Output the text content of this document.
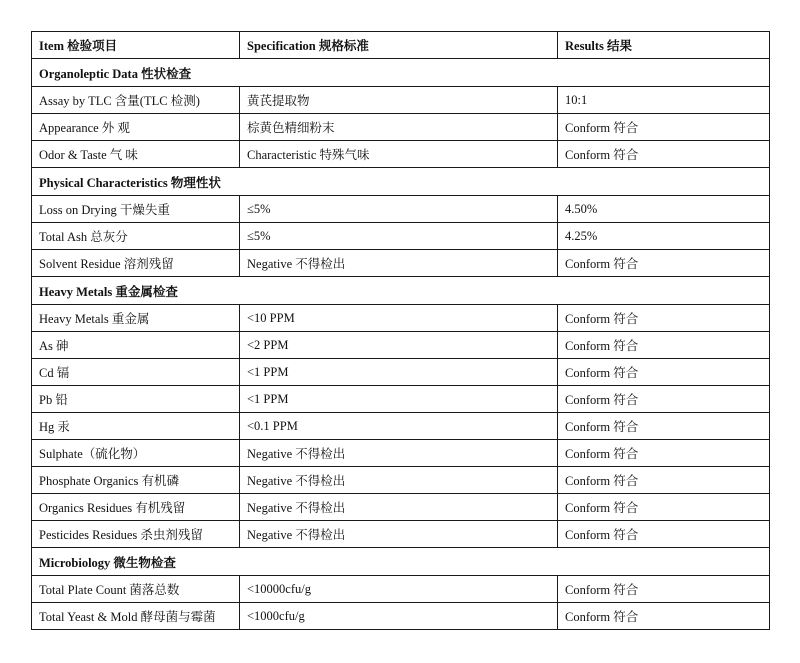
Item 检验项目	Specification 规格标准	Results 结果
Organoleptic Data 性状检查		
Assay by TLC 含量(TLC 检测)	黄芪提取物	10:1
Appearance 外 观	棕黄色精细粉末	Conform 符合
Odor & Taste 气 味	Characteristic 特殊气味	Conform 符合
Physical Characteristics 物理性状		
Loss on Drying 干燥失重	≤5%	4.50%
Total Ash 总灰分	≤5%	4.25%
Solvent Residue 溶剂残留	Negative 不得检出	Conform 符合
Heavy Metals 重金属检查		
Heavy Metals 重金属	<10 PPM	Conform 符合
As 砷	<2 PPM	Conform 符合
Cd 镉	<1 PPM	Conform 符合
Pb 铅	<1 PPM	Conform 符合
Hg 汞	<0.1 PPM	Conform 符合
Sulphate（硫化物）	Negative 不得检出	Conform 符合
Phosphate Organics 有机磷	Negative 不得检出	Conform 符合
Organics Residues 有机残留	Negative 不得检出	Conform 符合
Pesticides Residues 杀虫剂残留	Negative 不得检出	Conform 符合
Microbiology 微生物检查		
Total Plate Count 菌落总数	<10000cfu/g	Conform 符合
Total Yeast & Mold 酵母菌与霉菌	<1000cfu/g	Conform 符合
